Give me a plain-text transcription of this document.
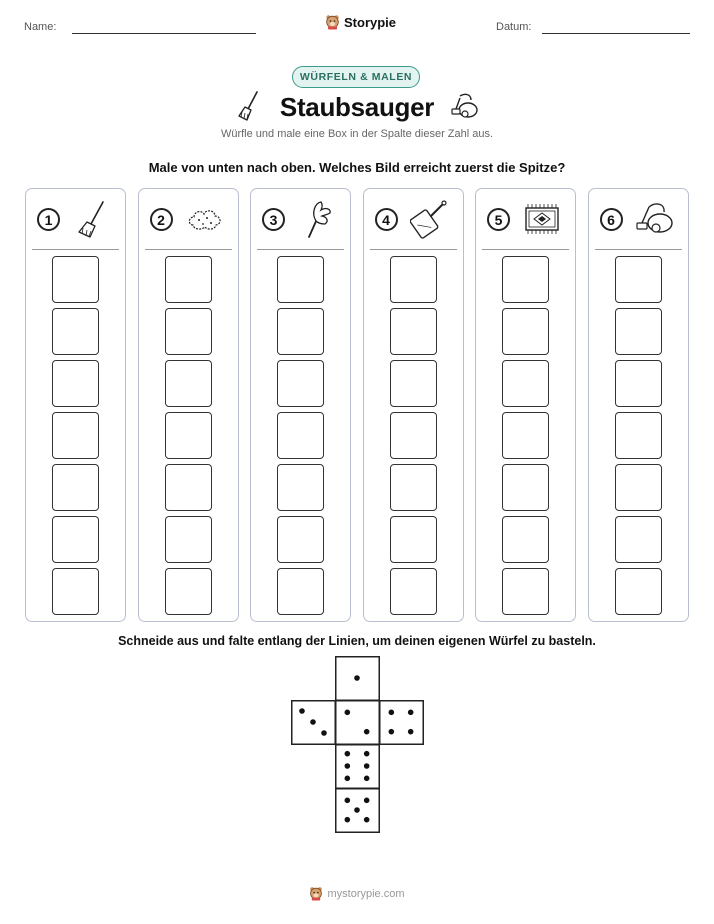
Name:	Storypie	Datum:
WÜRFELN & MALEN
Staubsauger
Würfle und male eine Box in der Spalte dieser Zahl aus.
Male von unten nach oben. Welches Bild erreicht zuerst die Spitze?
1	2	3	4	5	6
Schneide aus und falte entlang der Linien, um deinen eigenen Würfel zu basteln.
mystorypie.com
